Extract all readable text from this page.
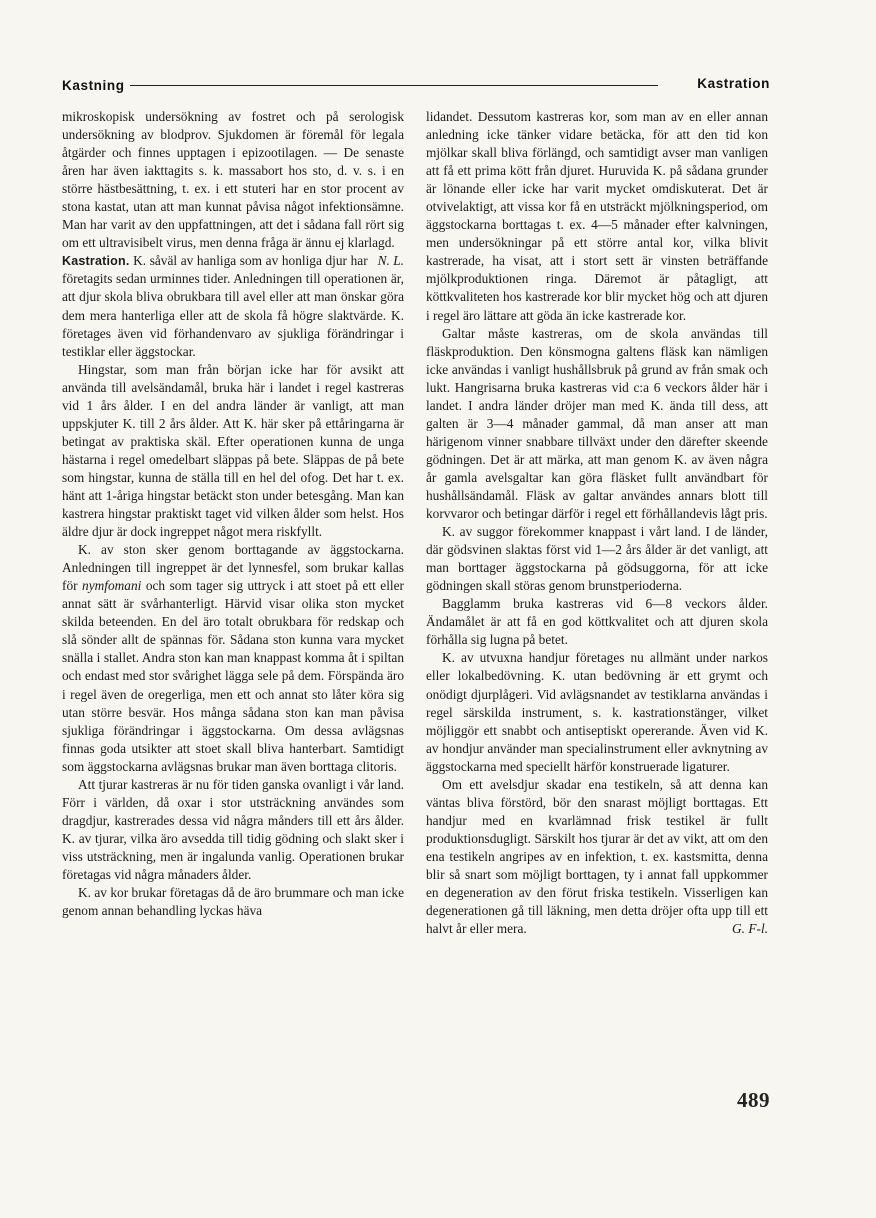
Kastning	Kastration

mikroskopisk undersökning av fostret och på serologisk undersökning av blodprov. Sjukdomen är föremål för legala åtgärder och finnes upptagen i epizootilagen. — De senaste åren har även iakttagits s. k. massabort hos sto, d. v. s. i en större hästbesättning, t. ex. i ett stuteri har en stor procent av stona kastat, utan att man kunnat påvisa något infektionsämne. Man har varit av den uppfattningen, att det i sådana fall rört sig om ett ultravisibelt virus, men denna fråga är ännu ej klarlagd.
N. L.

Kastration. K. såväl av hanliga som av honliga djur har företagits sedan urminnes tider. Anledningen till operationen är, att djur skola bliva obrukbara till avel eller att man önskar göra dem mera hanterliga eller att de skola få högre slaktvärde. K. företages även vid förhandenvaro av sjukliga förändringar i testiklar eller äggstockar.

Hingstar, som man från början icke har för avsikt att använda till avelsändamål, bruka här i landet i regel kastreras vid 1 års ålder. I en del andra länder är vanligt, att man uppskjuter K. till 2 års ålder. Att K. här sker på ettåringarna är betingat av praktiska skäl. Efter operationen kunna de unga hästarna i regel omedelbart släppas på bete. Släppas de på bete som hingstar, kunna de ställa till en hel del ofog. Det har t. ex. hänt att 1-åriga hingstar betäckt ston under betesgång. Man kan kastrera hingstar praktiskt taget vid vilken ålder som helst. Hos äldre djur är dock ingreppet något mera riskfyllt.

K. av ston sker genom borttagande av äggstockarna. Anledningen till ingreppet är det lynnesfel, som brukar kallas för nymfomani och som tager sig uttryck i att stoet på ett eller annat sätt är svårhanterligt. Härvid visar olika ston mycket skilda beteenden. En del äro totalt obrukbara för redskap och slå sönder allt de spännas för. Sådana ston kunna vara mycket snälla i stallet. Andra ston kan man knappast komma åt i spiltan och endast med stor svårighet lägga sele på dem. Förspända äro i regel även de oregerliga, men ett och annat sto låter köra sig utan större besvär. Hos många sådana ston kan man påvisa sjukliga förändringar i äggstockarna. Om dessa avlägsnas finnas goda utsikter att stoet skall bliva hanterbart. Samtidigt som äggstockarna avlägsnas brukar man även borttaga clitoris.

Att tjurar kastreras är nu för tiden ganska ovanligt i vår land. Förr i världen, då oxar i stor utsträckning användes som dragdjur, kastrerades dessa vid några månders till ett års ålder. K. av tjurar, vilka äro avsedda till tidig gödning och slakt sker i viss utsträckning, men är ingalunda vanlig. Operationen brukar företagas vid några månaders ålder.

K. av kor brukar företagas då de äro brummare och man icke genom annan behandling lyckas häva

lidandet. Dessutom kastreras kor, som man av en eller annan anledning icke tänker vidare betäcka, för att den tid kon mjölkar skall bliva förlängd, och samtidigt avser man vanligen att få ett prima kött från djuret. Huruvida K. på sådana grunder är lönande eller icke har varit mycket omdiskuterat. Det är otvivelaktigt, att vissa kor få en utsträckt mjölkningsperiod, om äggstockarna borttagas t. ex. 4—5 månader efter kalvningen, men undersökningar på ett större antal kor, vilka blivit kastrerade, ha visat, att i stort sett är vinsten beträffande mjölkproduktionen ringa. Däremot är påtagligt, att köttkvaliteten hos kastrerade kor blir mycket hög och att djuren i regel äro lättare att göda än icke kastrerade kor.

Galtar måste kastreras, om de skola användas till fläskproduktion. Den könsmogna galtens fläsk kan nämligen icke användas i vanligt hushållsbruk på grund av från smak och lukt. Hangrisarna bruka kastreras vid c:a 6 veckors ålder här i landet. I andra länder dröjer man med K. ända till dess, att galten är 3—4 månader gammal, då man anser att man härigenom vinner snabbare tillväxt under den därefter skeende gödningen. Det är att märka, att man genom K. av även några år gamla avelsgaltar kan göra fläsket fullt användbart för hushållsändamål. Fläsk av galtar användes annars blott till korvvaror och betingar därför i regel ett förhållandevis lågt pris.

K. av suggor förekommer knappast i vårt land. I de länder, där gödsvinen slaktas först vid 1—2 års ålder är det vanligt, att man borttager äggstockarna på gödsuggorna, för att icke gödningen skall störas genom brunstperioderna.

Bagglamm bruka kastreras vid 6—8 veckors ålder. Ändamålet är att få en god köttkvalitet och att djuren skola förhålla sig lugna på betet.

K. av utvuxna handjur företages nu allmänt under narkos eller lokalbedövning. K. utan bedövning är ett grymt och onödigt djurplågeri. Vid avlägsnandet av testiklarna användas i regel särskilda instrument, s. k. kastrationstänger, vilket möjliggör ett snabbt och antiseptiskt opererande. Även vid K. av hondjur använder man specialinstrument eller avknytning av äggstockarna med speciellt härför konstruerade ligaturer.

Om ett avelsdjur skadar ena testikeln, så att denna kan väntas bliva förstörd, bör den snarast möjligt borttagas. Ett handjur med en kvarlämnad frisk testikel är fullt produktionsdugligt. Särskilt hos tjurar är det av vikt, att om den ena testikeln angripes av en infektion, t. ex. kastsmitta, denna blir så snart som möjligt borttagen, ty i annat fall uppkommer en degeneration av den förut friska testikeln. Visserligen kan degenerationen gå till läkning, men detta dröjer ofta upp till ett halvt år eller mera.	G. F-l.

489
